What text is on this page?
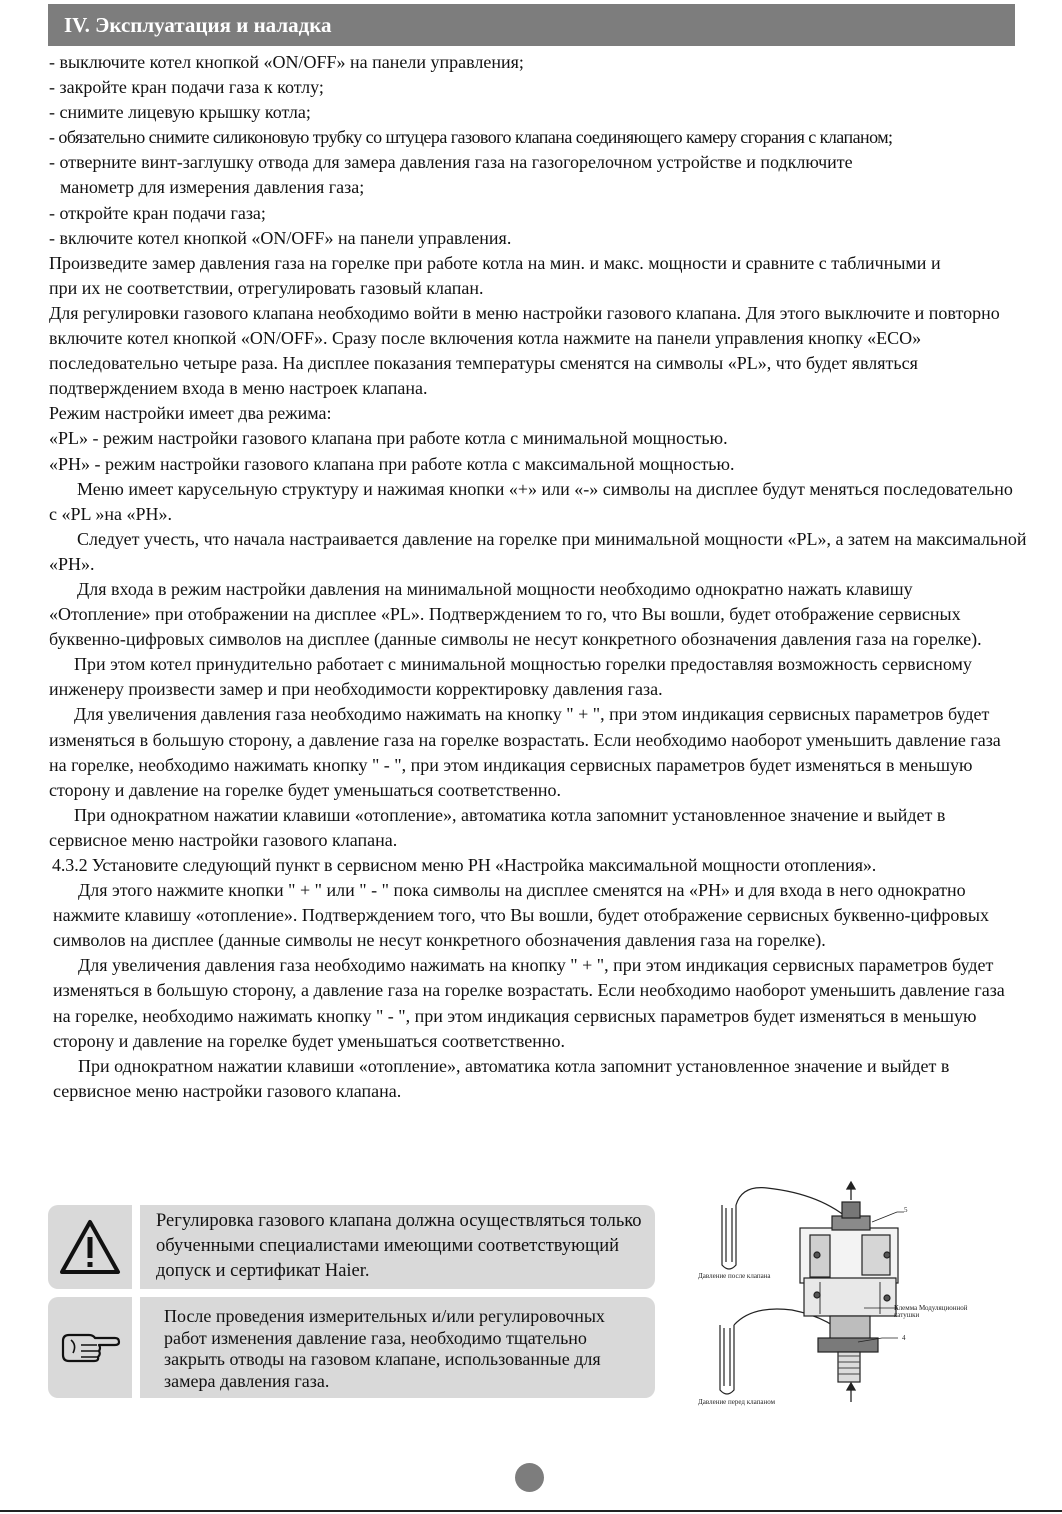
IV. Эксплуатация и наладка

- выключите котел кнопкой «ON/OFF» на панели управления;

- закройте кран подачи газа к котлу;

- снимите лицевую крышку котла;

- обязательно снимите силиконовую трубку со штуцера газового клапана соединяющего камеру сгорания с клапаном;

- отверните винт-заглушку отвода для замера давления газа на газогорелочном устройстве и подключите

манометр для измерения давления газа;

- откройте кран подачи газа;

- включите котел кнопкой «ON/OFF» на панели управления.

Произведите замер давления газа на горелке при работе котла на мин. и макс. мощности и сравните с табличными и при их не соответствии, отрегулировать газовый клапан.

Для регулировки газового клапана необходимо войти в меню настройки газового клапана. Для этого выключите и повторно включите котел кнопкой «ON/OFF». Сразу после включения котла нажмите на панели управления кнопку «ECO» последовательно четыре раза. На дисплее показания температуры сменятся на символы «PL», что будет являться подтверждением входа в меню настроек клапана.

Режим настройки имеет два режима:

«PL» - режим настройки газового клапана при работе котла с минимальной мощностью.

«PH» - режим настройки газового клапана при работе котла с максимальной мощностью.

Меню имеет карусельную структуру и нажимая кнопки «+» или «-» символы на дисплее будут меняться последовательно с «PL »на «PH».

Следует учесть, что начала настраивается давление на горелке при минимальной мощности «PL», а затем на максимальной «PH».

Для входа в режим настройки давления на минимальной мощности необходимо однократно нажать клавишу «Отопление» при отображении на дисплее «PL». Подтверждением то го, что Вы вошли, будет отображение сервисных буквенно-цифровых символов на дисплее (данные символы не несут конкретного обозначения давления газа на горелке).

При этом котел принудительно работает с минимальной мощностью горелки предоставляя возможность сервисному инженеру произвести замер и при необходимости корректировку давления газа.

Для увеличения давления газа необходимо нажимать на кнопку " + ", при этом индикация сервисных параметров будет изменяться в большую сторону, а давление газа на горелке возрастать. Если необходимо наоборот уменьшить давление газа на горелке, необходимо нажимать кнопку " - ", при этом индикация сервисных параметров будет изменяться в меньшую сторону и давление на горелке будет уменьшаться соответственно.

При однократном нажатии клавиши «отопление», автоматика котла запомнит установленное значение и выйдет в сервисное меню настройки газового клапана.

4.3.2 Установите следующий пункт в сервисном меню PH «Настройка максимальной мощности отопления».

Для этого нажмите кнопки " + " или " - " пока символы на дисплее сменятся на «PH» и для входа в него однократно нажмите клавишу «отопление». Подтверждением того, что Вы вошли, будет отображение сервисных буквенно-цифровых символов на дисплее (данные символы не несут конкретного обозначения давления газа на горелке).

Для увеличения давления газа необходимо нажимать на кнопку " + ", при этом индикация сервисных параметров будет изменяться в большую сторону, а давление газа на горелке возрастать. Если необходимо наоборот уменьшить давление газа на горелке, необходимо нажимать кнопку " - ", при этом индикация сервисных параметров будет изменяться в меньшую сторону и давление на горелке будет уменьшаться соответственно.

При однократном нажатии клавиши «отопление», автоматика котла запомнит установленное значение и выйдет в сервисное меню настройки газового клапана.

Регулировка газового клапана должна осуществляться только обученными специалистами имеющими соответствующий допуск и сертификат Haier.
После проведения измерительных и/или регулировочных работ изменения давление газа, необходимо тщательно закрыть отводы на газовом клапане, использованные для замера давления газа.
Давление после клапана
Давление перед клапаном
Клемма Модуляционной катушки
5
4
